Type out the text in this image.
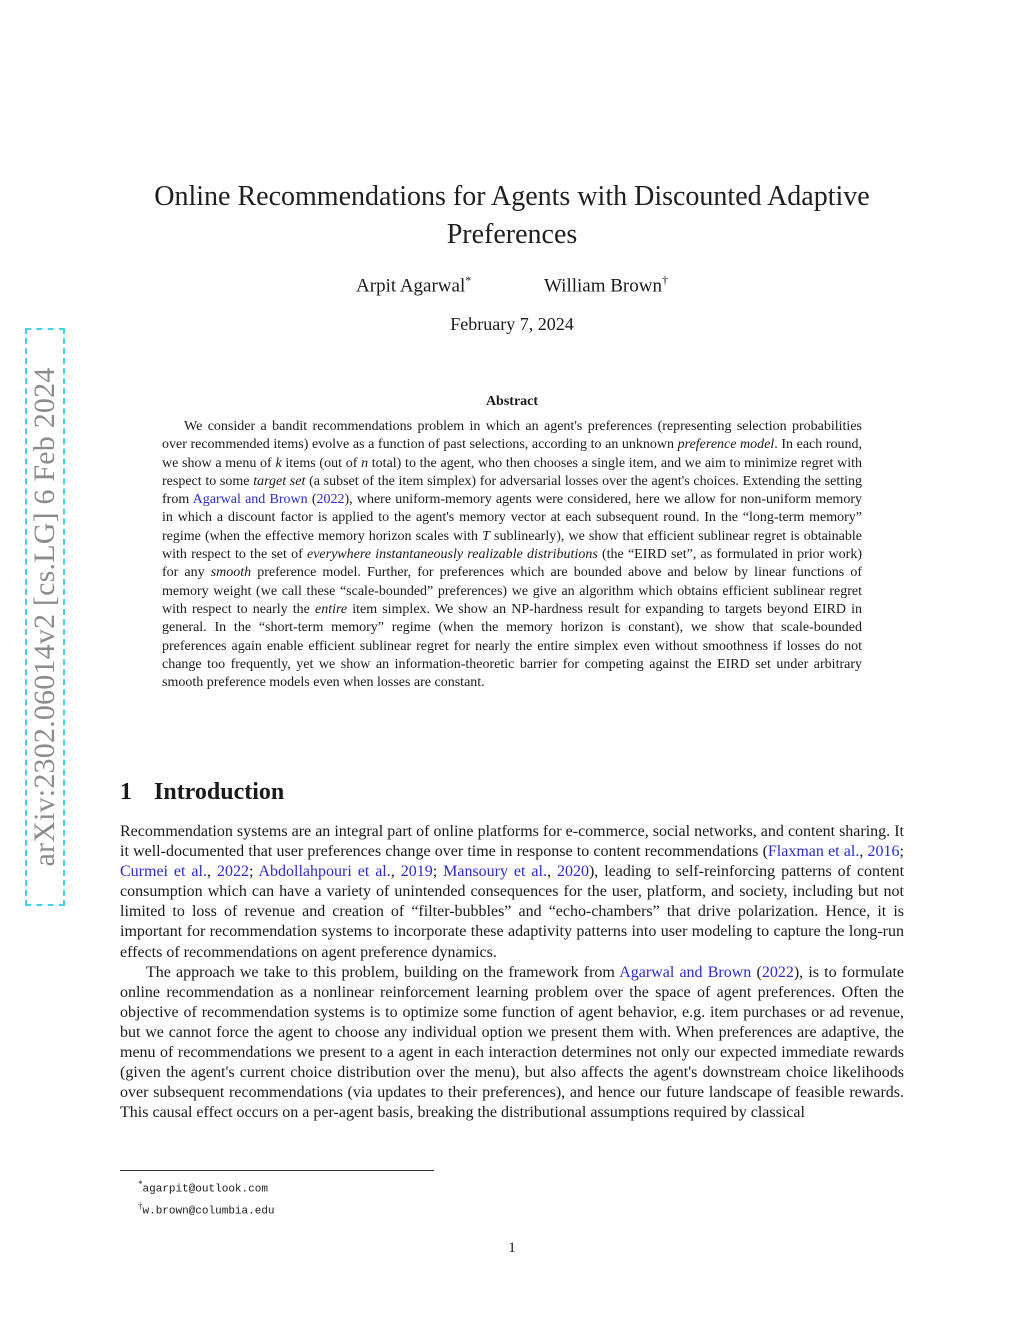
arXiv:2302.06014v2 [cs.LG] 6 Feb 2024
Online Recommendations for Agents with Discounted Adaptive Preferences
Arpit Agarwal*	William Brown†
February 7, 2024
Abstract

We consider a bandit recommendations problem in which an agent's preferences (representing selection probabilities over recommended items) evolve as a function of past selections, according to an unknown preference model. In each round, we show a menu of k items (out of n total) to the agent, who then chooses a single item, and we aim to minimize regret with respect to some target set (a subset of the item simplex) for adversarial losses over the agent's choices. Extending the setting from Agarwal and Brown (2022), where uniform-memory agents were considered, here we allow for non-uniform memory in which a discount factor is applied to the agent's memory vector at each subsequent round. In the “long-term memory” regime (when the effective memory horizon scales with T sublinearly), we show that efficient sublinear regret is obtainable with respect to the set of everywhere instantaneously realizable distributions (the “EIRD set”, as formulated in prior work) for any smooth preference model. Further, for preferences which are bounded above and below by linear functions of memory weight (we call these “scale-bounded” preferences) we give an algorithm which obtains efficient sublinear regret with respect to nearly the entire item simplex. We show an NP-hardness result for expanding to targets beyond EIRD in general. In the “short-term memory” regime (when the memory horizon is constant), we show that scale-bounded preferences again enable efficient sublinear regret for nearly the entire simplex even without smoothness if losses do not change too frequently, yet we show an information-theoretic barrier for competing against the EIRD set under arbitrary smooth preference models even when losses are constant.

1 Introduction

Recommendation systems are an integral part of online platforms for e-commerce, social networks, and content sharing. It it well-documented that user preferences change over time in response to content recommendations (Flaxman et al., 2016; Curmei et al., 2022; Abdollahpouri et al., 2019; Mansoury et al., 2020), leading to self-reinforcing patterns of content consumption which can have a variety of unintended consequences for the user, platform, and society, including but not limited to loss of revenue and creation of “filter-bubbles” and “echo-chambers” that drive polarization. Hence, it is important for recommendation systems to incorporate these adaptivity patterns into user modeling to capture the long-run effects of recommendations on agent preference dynamics.

The approach we take to this problem, building on the framework from Agarwal and Brown (2022), is to formulate online recommendation as a nonlinear reinforcement learning problem over the space of agent preferences. Often the objective of recommendation systems is to optimize some function of agent behavior, e.g. item purchases or ad revenue, but we cannot force the agent to choose any individual option we present them with. When preferences are adaptive, the menu of recommendations we present to a agent in each interaction determines not only our expected immediate rewards (given the agent's current choice distribution over the menu), but also affects the agent's downstream choice likelihoods over subsequent recommendations (via updates to their preferences), and hence our future landscape of feasible rewards. This causal effect occurs on a per-agent basis, breaking the distributional assumptions required by classical

*agarpit@outlook.com
†w.brown@columbia.edu
1
